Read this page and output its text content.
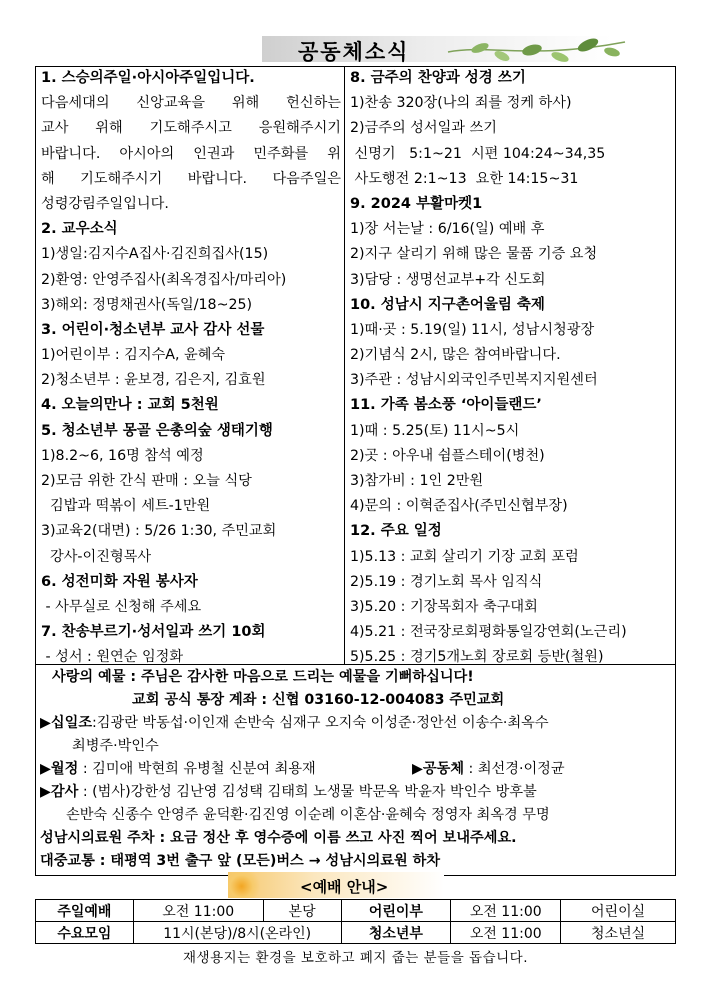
공동체소식
1. 스승의주일·아시아주일입니다.
다음세대의 신앙교육을 위해 헌신하는
교사 위해 기도해주시고 응원해주시기
바랍니다. 아시아의 인권과 민주화를 위
해 기도해주시기 바랍니다. 다음주일은
성령강림주일입니다.
2. 교우소식
1)생일:김지수A집사·김진희집사(15)
2)환영: 안영주집사(최옥경집사/마리아)
3)해외: 정명채권사(독일/18~25)
3. 어린이·청소년부 교사 감사 선물
1)어린이부 : 김지수A, 윤혜숙
2)청소년부 : 윤보경, 김은지, 김효원
4. 오늘의만나 : 교회 5천원
5. 청소년부 몽골 은총의숲 생태기행
1)8.2~6, 16명 참석 예정
2)모금 위한 간식 판매 : 오늘 식당
김밥과 떡볶이 세트-1만원
3)교육2(대면) : 5/26 1:30, 주민교회
강사-이진형목사
6. 성전미화 자원 봉사자
- 사무실로 신청해 주세요
7. 찬송부르기·성서일과 쓰기 10회
- 성서 : 원연순 임정화
8. 금주의 찬양과 성경 쓰기
1)찬송 320장(나의 죄를 정케 하사)
2)금주의 성서일과 쓰기
신명기   5:1~21  시편 104:24~34,35
사도행전 2:1~13  요한 14:15~31
9. 2024 부활마켓1
1)장 서는날 : 6/16(일) 예배 후
2)지구 살리기 위해 많은 물품 기증 요청
3)담당 : 생명선교부+각 신도회
10. 성남시 지구촌어울림 축제
1)때·곳 : 5.19(일) 11시, 성남시청광장
2)기념식 2시, 많은 참여바랍니다.
3)주관 : 성남시외국인주민복지지원센터
11. 가족 봄소풍 ‘아이들랜드’
1)때 : 5.25(토) 11시~5시
2)곳 : 아우내 쉼플스테이(병천)
3)참가비 : 1인 2만원
4)문의 : 이혁준집사(주민신협부장)
12. 주요 일정
1)5.13 : 교회 살리기 기장 교회 포럼
2)5.19 : 경기노회 목사 임직식
3)5.20 : 기장목회자 축구대회
4)5.21 : 전국장로회평화통일강연회(노근리)
5)5.25 : 경기5개노회 장로회 등반(철원)
사랑의 예물 : 주님은 감사한 마음으로 드리는 예물을 기뻐하십니다!
교회 공식 통장 계좌 : 신협 03160-12-004083 주민교회
▶십일조:김광란 박동섭·이인재 손반숙 심재구 오지숙 이성준·정안선 이송수·최옥수
최병주·박인수
▶월정 : 김미애 박현희 유병철 신분여 최용재	▶공동체 : 최선경·이정균
▶감사 : (범사)강한성 김난영 김성택 김태희 노생물 박문옥 박윤자 박인수 방후불
손반숙 신종수 안영주 윤덕환·김진영 이순례 이혼삼·윤혜숙 정영자 최옥경 무명
성남시의료원 주차 : 요금 정산 후 영수증에 이름 쓰고 사진 찍어 보내주세요.
대중교통 : 태평역 3번 출구 앞 (모든)버스 → 성남시의료원 하차
<예배 안내>
주일예배	오전 11:00	본당	어린이부	오전 11:00	어린이실
수요모임	11시(본당)/8시(온라인)		청소년부	오전 11:00	청소년실
재생용지는 환경을 보호하고 폐지 줍는 분들을 돕습니다.
